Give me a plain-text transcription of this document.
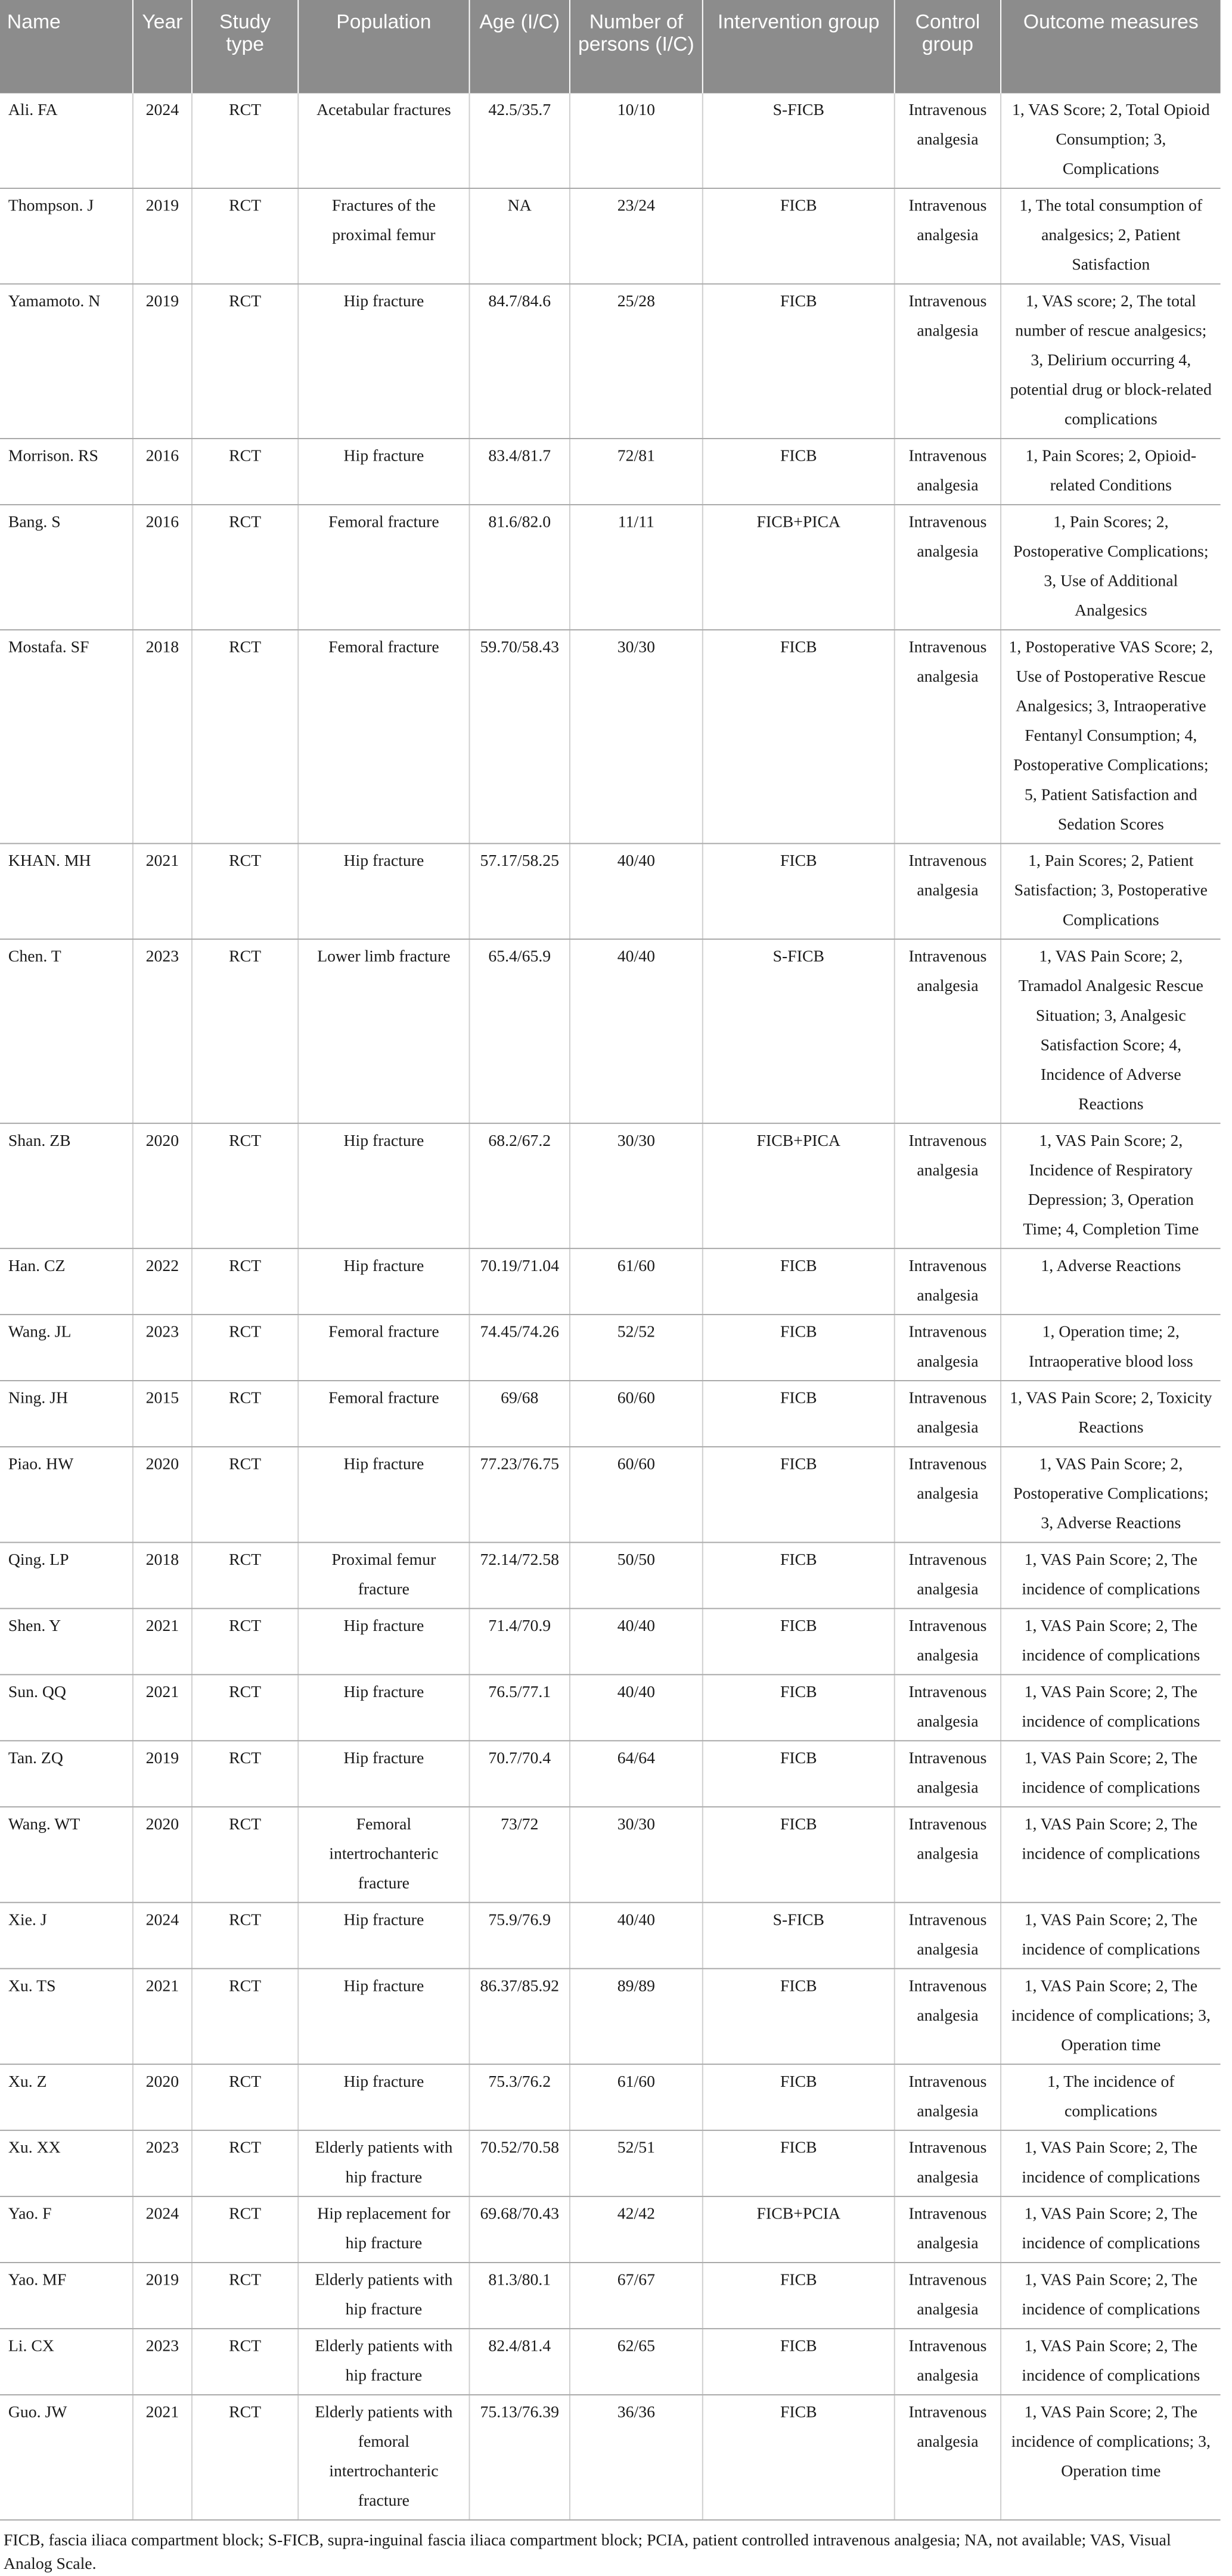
Name	Year	Study type	Population	Age (I/C)	Number of persons (I/C)	Intervention group	Control group	Outcome measures
Ali. FA	2024	RCT	Acetabular fractures	42.5/35.7	10/10	S-FICB	Intravenous analgesia	1, VAS Score; 2, Total Opioid Consumption; 3, Complications
Thompson. J	2019	RCT	Fractures of the proximal femur	NA	23/24	FICB	Intravenous analgesia	1, The total consumption of analgesics; 2, Patient Satisfaction
Yamamoto. N	2019	RCT	Hip fracture	84.7/84.6	25/28	FICB	Intravenous analgesia	1, VAS score; 2, The total number of rescue analgesics; 3, Delirium occurring 4, potential drug or block-related complications
Morrison. RS	2016	RCT	Hip fracture	83.4/81.7	72/81	FICB	Intravenous analgesia	1, Pain Scores; 2, Opioid-related Conditions
Bang. S	2016	RCT	Femoral fracture	81.6/82.0	11/11	FICB+PICA	Intravenous analgesia	1, Pain Scores; 2, Postoperative Complications; 3, Use of Additional Analgesics
Mostafa. SF	2018	RCT	Femoral fracture	59.70/58.43	30/30	FICB	Intravenous analgesia	1, Postoperative VAS Score; 2, Use of Postoperative Rescue Analgesics; 3, Intraoperative Fentanyl Consumption; 4, Postoperative Complications; 5, Patient Satisfaction and Sedation Scores
KHAN. MH	2021	RCT	Hip fracture	57.17/58.25	40/40	FICB	Intravenous analgesia	1, Pain Scores; 2, Patient Satisfaction; 3, Postoperative Complications
Chen. T	2023	RCT	Lower limb fracture	65.4/65.9	40/40	S-FICB	Intravenous analgesia	1, VAS Pain Score; 2, Tramadol Analgesic Rescue Situation; 3, Analgesic Satisfaction Score; 4, Incidence of Adverse Reactions
Shan. ZB	2020	RCT	Hip fracture	68.2/67.2	30/30	FICB+PICA	Intravenous analgesia	1, VAS Pain Score; 2, Incidence of Respiratory Depression; 3, Operation Time; 4, Completion Time
Han. CZ	2022	RCT	Hip fracture	70.19/71.04	61/60	FICB	Intravenous analgesia	1, Adverse Reactions
Wang. JL	2023	RCT	Femoral fracture	74.45/74.26	52/52	FICB	Intravenous analgesia	1, Operation time; 2, Intraoperative blood loss
Ning. JH	2015	RCT	Femoral fracture	69/68	60/60	FICB	Intravenous analgesia	1, VAS Pain Score; 2, Toxicity Reactions
Piao. HW	2020	RCT	Hip fracture	77.23/76.75	60/60	FICB	Intravenous analgesia	1, VAS Pain Score; 2, Postoperative Complications; 3, Adverse Reactions
Qing. LP	2018	RCT	Proximal femur fracture	72.14/72.58	50/50	FICB	Intravenous analgesia	1, VAS Pain Score; 2, The incidence of complications
Shen. Y	2021	RCT	Hip fracture	71.4/70.9	40/40	FICB	Intravenous analgesia	1, VAS Pain Score; 2, The incidence of complications
Sun. QQ	2021	RCT	Hip fracture	76.5/77.1	40/40	FICB	Intravenous analgesia	1, VAS Pain Score; 2, The incidence of complications
Tan. ZQ	2019	RCT	Hip fracture	70.7/70.4	64/64	FICB	Intravenous analgesia	1, VAS Pain Score; 2, The incidence of complications
Wang. WT	2020	RCT	Femoral intertrochanteric fracture	73/72	30/30	FICB	Intravenous analgesia	1, VAS Pain Score; 2, The incidence of complications
Xie. J	2024	RCT	Hip fracture	75.9/76.9	40/40	S-FICB	Intravenous analgesia	1, VAS Pain Score; 2, The incidence of complications
Xu. TS	2021	RCT	Hip fracture	86.37/85.92	89/89	FICB	Intravenous analgesia	1, VAS Pain Score; 2, The incidence of complications; 3, Operation time
Xu. Z	2020	RCT	Hip fracture	75.3/76.2	61/60	FICB	Intravenous analgesia	1, The incidence of complications
Xu. XX	2023	RCT	Elderly patients with hip fracture	70.52/70.58	52/51	FICB	Intravenous analgesia	1, VAS Pain Score; 2, The incidence of complications
Yao. F	2024	RCT	Hip replacement for hip fracture	69.68/70.43	42/42	FICB+PCIA	Intravenous analgesia	1, VAS Pain Score; 2, The incidence of complications
Yao. MF	2019	RCT	Elderly patients with hip fracture	81.3/80.1	67/67	FICB	Intravenous analgesia	1, VAS Pain Score; 2, The incidence of complications
Li. CX	2023	RCT	Elderly patients with hip fracture	82.4/81.4	62/65	FICB	Intravenous analgesia	1, VAS Pain Score; 2, The incidence of complications
Guo. JW	2021	RCT	Elderly patients with femoral intertrochanteric fracture	75.13/76.39	36/36	FICB	Intravenous analgesia	1, VAS Pain Score; 2, The incidence of complications; 3, Operation time
FICB, fascia iliaca compartment block; S-FICB, supra-inguinal fascia iliaca compartment block; PCIA, patient controlled intravenous analgesia; NA, not available; VAS, Visual Analog Scale.
